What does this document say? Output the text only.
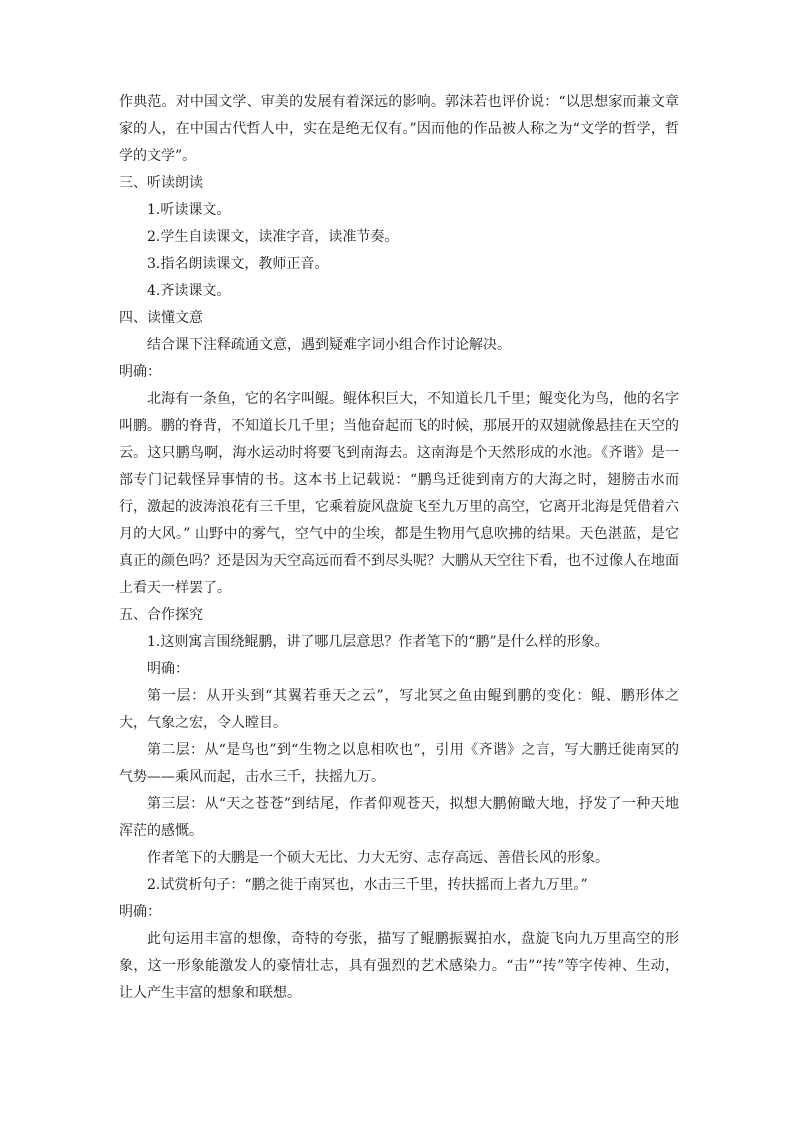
作典范。对中国文学、审美的发展有着深远的影响。郭沫若也评价说：“以思想家而兼文章家的人，在中国古代哲人中，实在是绝无仅有。”因而他的作品被人称之为“文学的哲学，哲学的文学”。

三、听读朗读
1.听读课文。
2.学生自读课文，读准字音，读准节奏。
3.指名朗读课文，教师正音。
4.齐读课文。
四、读懂文意
结合课下注释疏通文意，遇到疑难字词小组合作讨论解决。
明确：

北海有一条鱼，它的名字叫鲲。鲲体积巨大，不知道长几千里；鲲变化为鸟，他的名字叫鹏。鹏的脊背，不知道长几千里；当他奋起而飞的时候，那展开的双翅就像悬挂在天空的云。这只鹏鸟啊，海水运动时将要飞到南海去。这南海是个天然形成的水池。《齐谐》是一部专门记载怪异事情的书。这本书上记载说：“鹏鸟迁徙到南方的大海之时，翅膀击水而行，激起的波涛浪花有三千里，它乘着旋风盘旋飞至九万里的高空，它离开北海是凭借着六月的大风。” 山野中的雾气，空气中的尘埃，都是生物用气息吹拂的结果。天色湛蓝，是它真正的颜色吗？还是因为天空高远而看不到尽头呢？大鹏从天空往下看，也不过像人在地面上看天一样罢了。

五、合作探究
1.这则寓言围绕鲲鹏，讲了哪几层意思？作者笔下的“鹏”是什么样的形象。
明确：

第一层：从开头到“其翼若垂天之云”，写北冥之鱼由鲲到鹏的变化：鲲、鹏形体之大，气象之宏，令人瞠目。

第二层：从“是鸟也”到“生物之以息相吹也”，引用《齐谐》之言，写大鹏迁徙南冥的气势——乘风而起，击水三千，扶摇九万。

第三层：从“天之苍苍”到结尾，作者仰观苍天，拟想大鹏俯瞰大地，抒发了一种天地浑茫的感慨。

作者笔下的大鹏是一个硕大无比、力大无穷、志存高远、善借长风的形象。

2.试赏析句子：“鹏之徙于南冥也，水击三千里，抟扶摇而上者九万里。”
明确：

此句运用丰富的想像，奇特的夸张，描写了鲲鹏振翼拍水，盘旋飞向九万里高空的形象，这一形象能激发人的豪情壮志，具有强烈的艺术感染力。“击”“抟”等字传神、生动，让人产生丰富的想象和联想。
